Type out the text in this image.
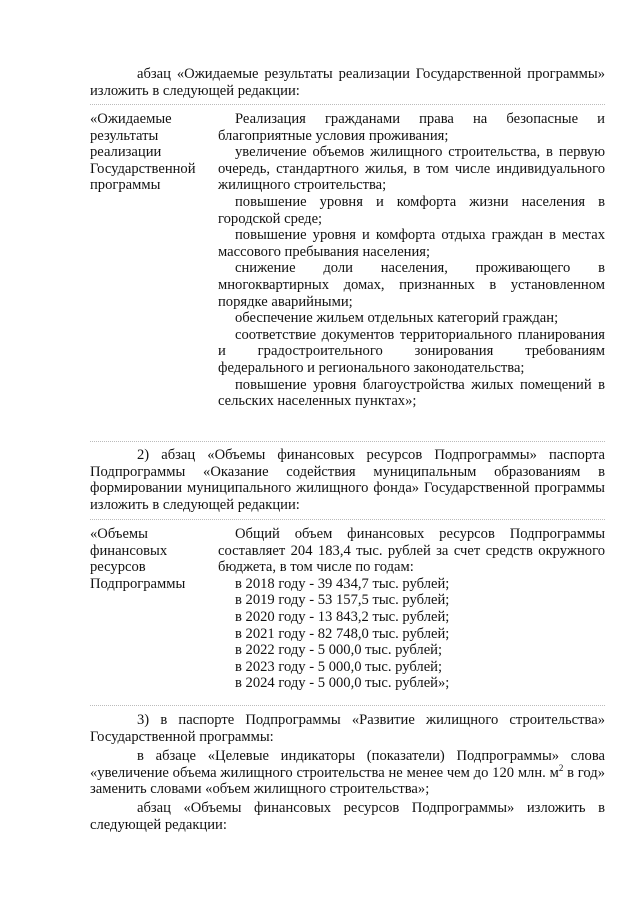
абзац «Ожидаемые результаты реализации Государственной программы» изложить в следующей редакции:

«Ожидаемые
результаты
реализации
Государственной
программы

Реализация гражданами права на безопасные и благоприятные условия проживания;

увеличение объемов жилищного строительства, в первую очередь, стандартного жилья, в том числе индивидуального жилищного строительства;

повышение уровня и комфорта жизни населения в городской среде;

повышение уровня и комфорта отдыха граждан в местах массового пребывания населения;

снижение доли населения, проживающего в многоквартирных домах, признанных в установленном порядке аварийными;

обеспечение жильем отдельных категорий граждан;

соответствие документов территориального планирования и градостроительного зонирования требованиям федерального и регионального законодательства;

повышение уровня благоустройства жилых помещений в сельских населенных пунктах»;

2) абзац «Объемы финансовых ресурсов Подпрограммы» паспорта Подпрограммы «Оказание содействия муниципальным образованиям в формировании муниципального жилищного фонда» Государственной программы изложить в следующей редакции:

«Объемы
финансовых
ресурсов
Подпрограммы

Общий объем финансовых ресурсов Подпрограммы составляет 204 183,4 тыс. рублей за счет средств окружного бюджета, в том числе по годам:

в 2018 году - 39 434,7 тыс. рублей;

в 2019 году - 53 157,5 тыс. рублей;

в 2020 году - 13 843,2 тыс. рублей;

в 2021 году - 82 748,0 тыс. рублей;

в 2022 году - 5 000,0 тыс. рублей;

в 2023 году - 5 000,0 тыс. рублей;

в 2024 году - 5 000,0 тыс. рублей»;

3) в паспорте Подпрограммы «Развитие жилищного строительства» Государственной программы:

в абзаце «Целевые индикаторы (показатели) Подпрограммы» слова «увеличение объема жилищного строительства не менее чем до 120 млн. $м^2$ в год» заменить словами «объем жилищного строительства»;

абзац «Объемы финансовых ресурсов Подпрограммы» изложить в следующей редакции:
